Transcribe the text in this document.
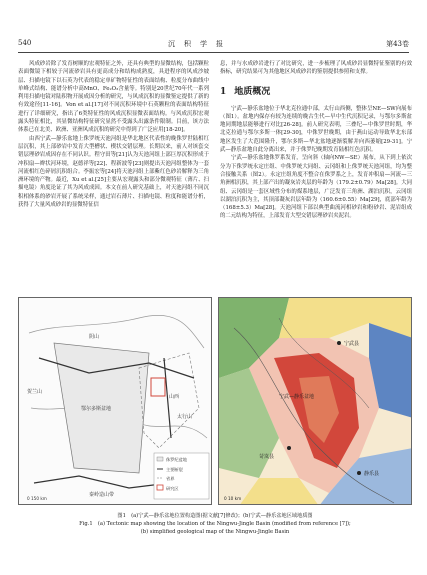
540	沉　积　学　报	第43卷

风成砂岩除了发育树顺的宏观特征之外，还具有典型的显微结构，包括颗粒表面微镜下相较于河流砂岩具有更高成分和结构成熟度，具进程序的风成沙坡层、扫描电镜下以石英为代表的稳定单矿物特征性的表面结构、粒度分布曲线中单峰式结构、能谱分析中高MnO、Fe₂O₃含量等。特别是20世纪70年代一系列利用扫描电镜对陆积物开展成因分析的研究，与风成沉积的显微鉴定提供了新的有效途径[11-16]。Von et al.[17]对不同沉积环境中石英颗粒的表面结构特征进行了详细研究，指出了6类特征性的风成沉积显微表面结构。与风成沉积宏观露头特征相比，其显微结构特征研究显然不受露头出露条件限制。目前，该方法体系已在北美、欧洲、亚洲风成沉积的研究中得到了广泛应用[18-20]。

由西宁武—静乐盆地上侏罗统天池河组是华北地区代表性的晚侏罗世陆相红层沉积，其上部砂岩中发育大型槽状、楔状交错层理。长期以来，前人对该套交错层理砂岩成因存在不同认识。程守田等[21]认为天池河组上部巨厚沉积形成于冲积扇—辫状河环境，赵德祥等[22]、程新波等[23]则提出天池河组整体为一套河流相红色碎屑沉积组合。李振宏等[24]将天池河组上部紫红色砂岩解释为三角洲环境的产物。最近，Xu et al.[25]主要从宏观露头和部分微观特征（薄片、扫描电镜）角度论证了其为风成成因。本文在前人研究基础上，对天池河组不同沉积相体系的砂岩开展了系统采样，通过岩石薄片、扫描电镜、粒度和能谱分析，获得了大量风成砂岩的显微特征信

息，并与水成砂岩进行了对比研究，进一步梳理了风成砂岩显微特征鉴别的有效指标，研究结果可为其他地区风成砂岩的鉴别提供参照和支撑。

1 地质概况

宁武—静乐盆地位于华北克拉通中部，太行山西侧，整体呈NE—SW向展布（图1）。盆地内保存有较为连续的晚古生代—早中生代沉积记录，与鄂尔多斯盆地同期地层能够进行对比[26-28]。前人研究表明，三叠纪—中侏罗世时期，华北克拉通与鄂尔多斯一体[29-30]，中侏罗世晚期，由于燕山运动导致华北东部地区发生了大范围隆升，鄂尔多斯—华北盆地逐渐裂解并向西萎缩[29-31]。宁武—静乐盆地自此分离出来，并于侏罗纪晚期发育陆相红色沉积。

宁武—静乐盆地侏罗系发育，呈向斜（轴向NW—SE）展布，从下到上依次分为下侏罗统永定庄组、中侏罗统大同组、云冈组和上侏罗统天池河组，均为整合接触关系（图2）。永定庄组角度不整合在侏罗系之上，发育冲积扇—河流—三角洲相沉积，其上部产出的凝灰岩夹层的年龄为（179.2±0.79）Ma[28]。大同组、云冈组是一套区域性分布的煤系地层，广泛发育三角洲、湖泊沉积，云冈组以湖泊沉积为主，其顶部凝灰岩层年龄为（160.6±0.55）Ma[29]，底部年龄为（168±5.3）Ma[28]。天池河组下部以典型曲流河相砂岩和粉砂岩、泥岩组成的二元结构为特征，上部发育大型交错层理砂岩夹泥岩。

鄂尔多斯盆地
山西
阴山
太行山
贺兰山
秦岭造山带
侏罗纪盆地
主要断裂
省界
研究区
0 150 km
宁武县
苛岚县
静乐县
宁武—静乐盆地
0 10 km
图1　(a)宁武—静乐盆地位置构造图(据文献[7]修改)；(b)宁武—静乐盆地区域地质图
Fig.1　(a) Tectonic map showing the location of the Ningwu-Jingle Basin (modified from reference [7]);
(b) simplified geological map of the Ningwu-Jingle Basin
